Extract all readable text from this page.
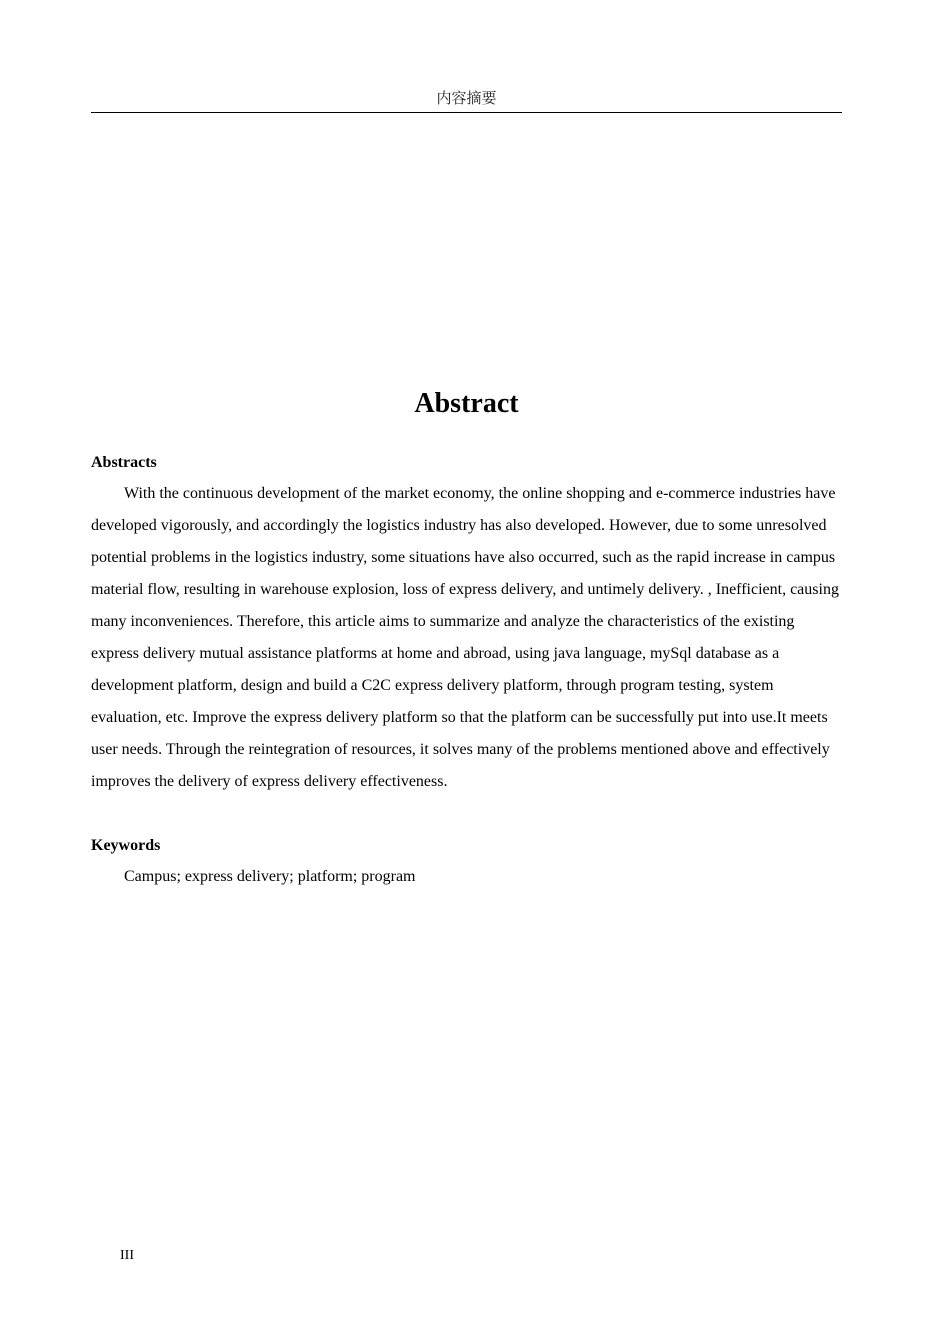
内容摘要
Abstract

Abstracts

With the continuous development of the market economy, the online shopping and e-commerce industries have developed vigorously, and accordingly the logistics industry has also developed. However, due to some unresolved potential problems in the logistics industry, some situations have also occurred, such as the rapid increase in campus material flow, resulting in warehouse explosion, loss of express delivery, and untimely delivery. , Inefficient, causing many inconveniences. Therefore, this article aims to summarize and analyze the characteristics of the existing express delivery mutual assistance platforms at home and abroad, using java language, mySql database as a development platform, design and build a C2C express delivery platform, through program testing, system evaluation, etc. Improve the express delivery platform so that the platform can be successfully put into use.It meets user needs. Through the reintegration of resources, it solves many of the problems mentioned above and effectively improves the delivery of express delivery effectiveness.

Keywords

Campus; express delivery; platform; program

III
